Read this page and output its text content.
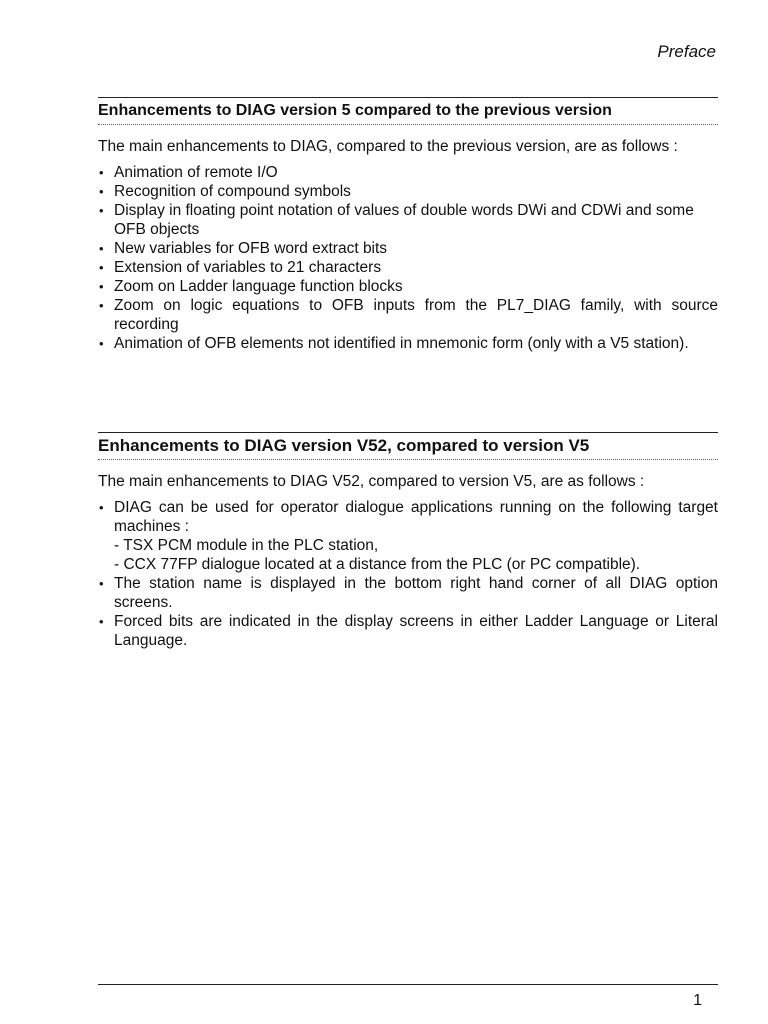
Preface
Enhancements to DIAG version 5 compared to the previous version
The main enhancements to DIAG, compared to the previous version, are as follows :
• Animation of remote I/O
• Recognition of compound symbols
• Display in floating point notation of values of double words DWi and CDWi and some OFB objects
• New variables for OFB word extract bits
• Extension of variables to 21 characters
• Zoom on Ladder language function blocks
• Zoom on logic equations to OFB inputs from the PL7_DIAG family, with source recording
• Animation of OFB elements not identified in mnemonic form (only with a V5 station).
Enhancements to DIAG version V52, compared to version V5
The main enhancements to DIAG V52, compared to version V5, are as follows :
• DIAG can be used for operator dialogue applications running on the following target machines :
- TSX PCM module in the PLC station,
- CCX 77FP dialogue located at a distance from the PLC (or PC compatible).
• The station name is displayed in the bottom right hand corner of all DIAG option screens.
• Forced bits are indicated in the display screens in either Ladder Language or Literal Language.
1
